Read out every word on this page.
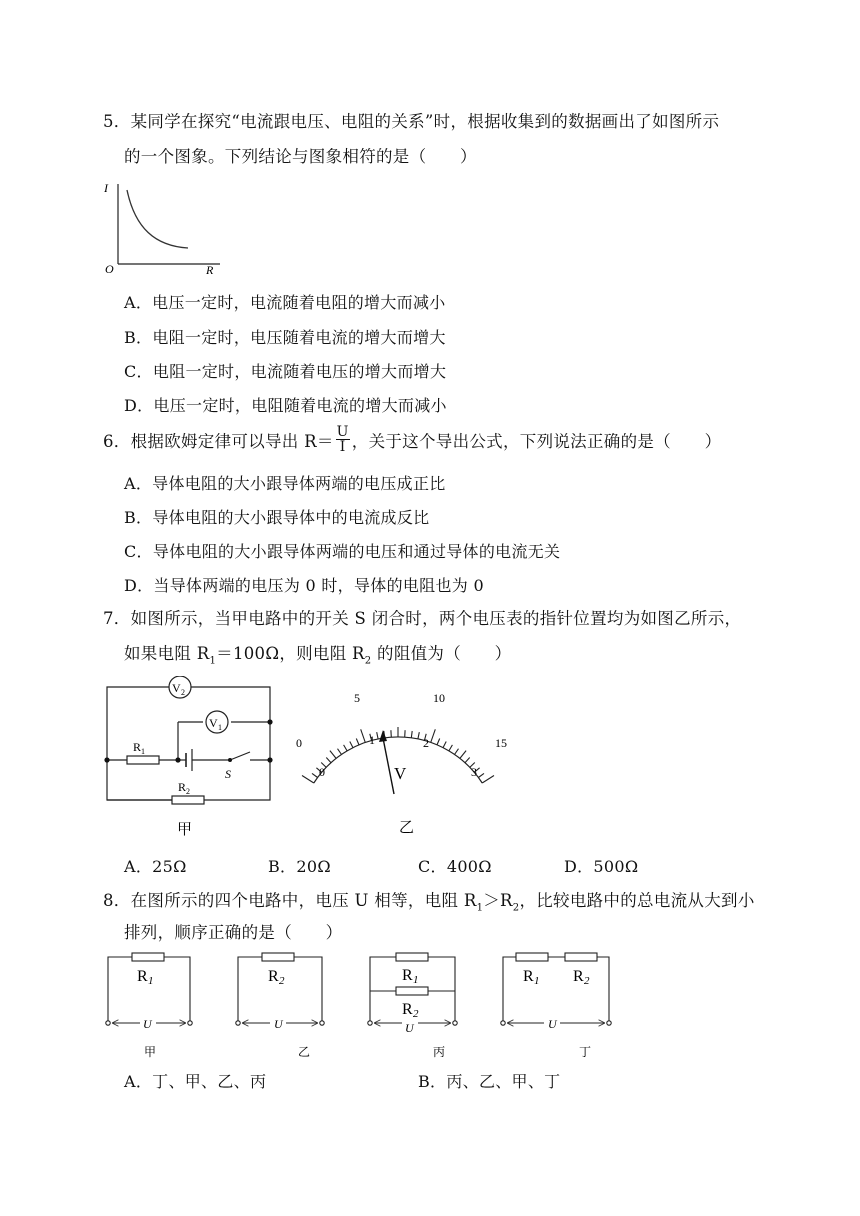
5．某同学在探究“电流跟电压、电阻的关系”时，根据收集到的数据画出了如图所示
的一个图象。下列结论与图象相符的是（　　）
I
O	R
A．电压一定时，电流随着电阻的增大而减小
B．电阻一定时，电压随着电流的增大而增大
C．电阻一定时，电流随着电压的增大而增大
D．电压一定时，电阻随着电流的增大而减小
6．根据欧姆定律可以导出 $R= \frac{U}{I}$ ，关于这个导出公式，下列说法正确的是（　　）
A．导体电阻的大小跟导体两端的电压成正比
B．导体电阻的大小跟导体中的电流成反比
C．导体电阻的大小跟导体两端的电压和通过导体的电流无关
D．当导体两端的电压为 0 时，导体的电阻也为 0
7．如图所示，当甲电路中的开关 S 闭合时，两个电压表的指针位置均为如图乙所示，
如果电阻 $R_1=100\Omega$，则电阻 $R_2$ 的阻值为（　　）
V 2
V 1
R 1
S
R 2
甲
0
5	10
15
0
1	2
3
V
乙
A．25Ω	B．20Ω	C．400Ω	D．500Ω
8．在图所示的四个电路中，电压 U 相等，电阻 $R_1>R_2$，比较电路中的总电流从大到小
排列，顺序正确的是（　　）
R 1
U
甲
R 2
U
乙
R 1
R 2
U
丙
R 1 R 2
U
丁
A．丁、甲、乙、丙	B．丙、乙、甲、丁
